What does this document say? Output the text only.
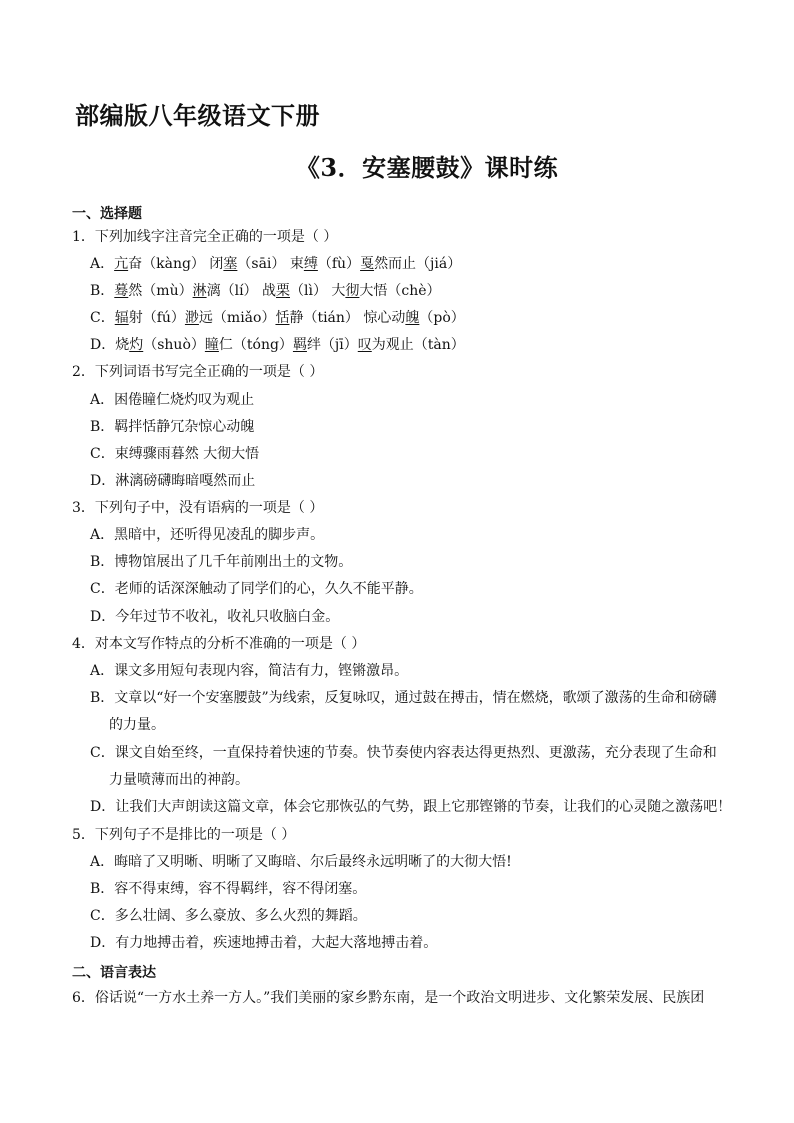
部编版八年级语文下册
《3．安塞腰鼓》课时练
一、选择题
1．下列加线字注音完全正确的一项是（ ）
A．亢奋（kàng） 闭塞（sāi） 束缚（fù）戛然而止（jiá）
B．蓦然（mù）淋漓（lí） 战栗（lì） 大彻大悟（chè）
C．辐射（fú）渺远（miǎo）恬静（tián） 惊心动魄（pò）
D．烧灼（shuò）瞳仁（tóng）羁绊（jī）叹为观止（tàn）
2．下列词语书写完全正确的一项是（ ）
A．困倦瞳仁烧灼叹为观止
B．羁拌恬静冗杂惊心动魄
C．束缚骤雨暮然 大彻大悟
D．淋漓磅礴晦暗嘎然而止
3．下列句子中，没有语病的一项是（ ）
A．黑暗中，还听得见凌乱的脚步声。
B．博物馆展出了几千年前刚出土的文物。
C．老师的话深深触动了同学们的心，久久不能平静。
D．今年过节不收礼，收礼只收脑白金。
4．对本文写作特点的分析不准确的一项是（ ）
A．课文多用短句表现内容，简洁有力，铿锵激昂。
B．文章以“好一个安塞腰鼓”为线索，反复咏叹，通过鼓在搏击，情在燃烧，歌颂了激荡的生命和磅礴
的力量。
C．课文自始至终，一直保持着快速的节奏。快节奏使内容表达得更热烈、更激荡，充分表现了生命和
力量喷薄而出的神韵。
D．让我们大声朗读这篇文章，体会它那恢弘的气势，跟上它那铿锵的节奏，让我们的心灵随之激荡吧！
5．下列句子不是排比的一项是（ ）
A．晦暗了又明晰、明晰了又晦暗、尔后最终永远明晰了的大彻大悟!
B．容不得束缚，容不得羁绊，容不得闭塞。
C．多么壮阔、多么豪放、多么火烈的舞蹈。
D．有力地搏击着，疾速地搏击着，大起大落地搏击着。
二、语言表达
6．俗话说“一方水土养一方人。”我们美丽的家乡黔东南，是一个政治文明进步、文化繁荣发展、民族团
